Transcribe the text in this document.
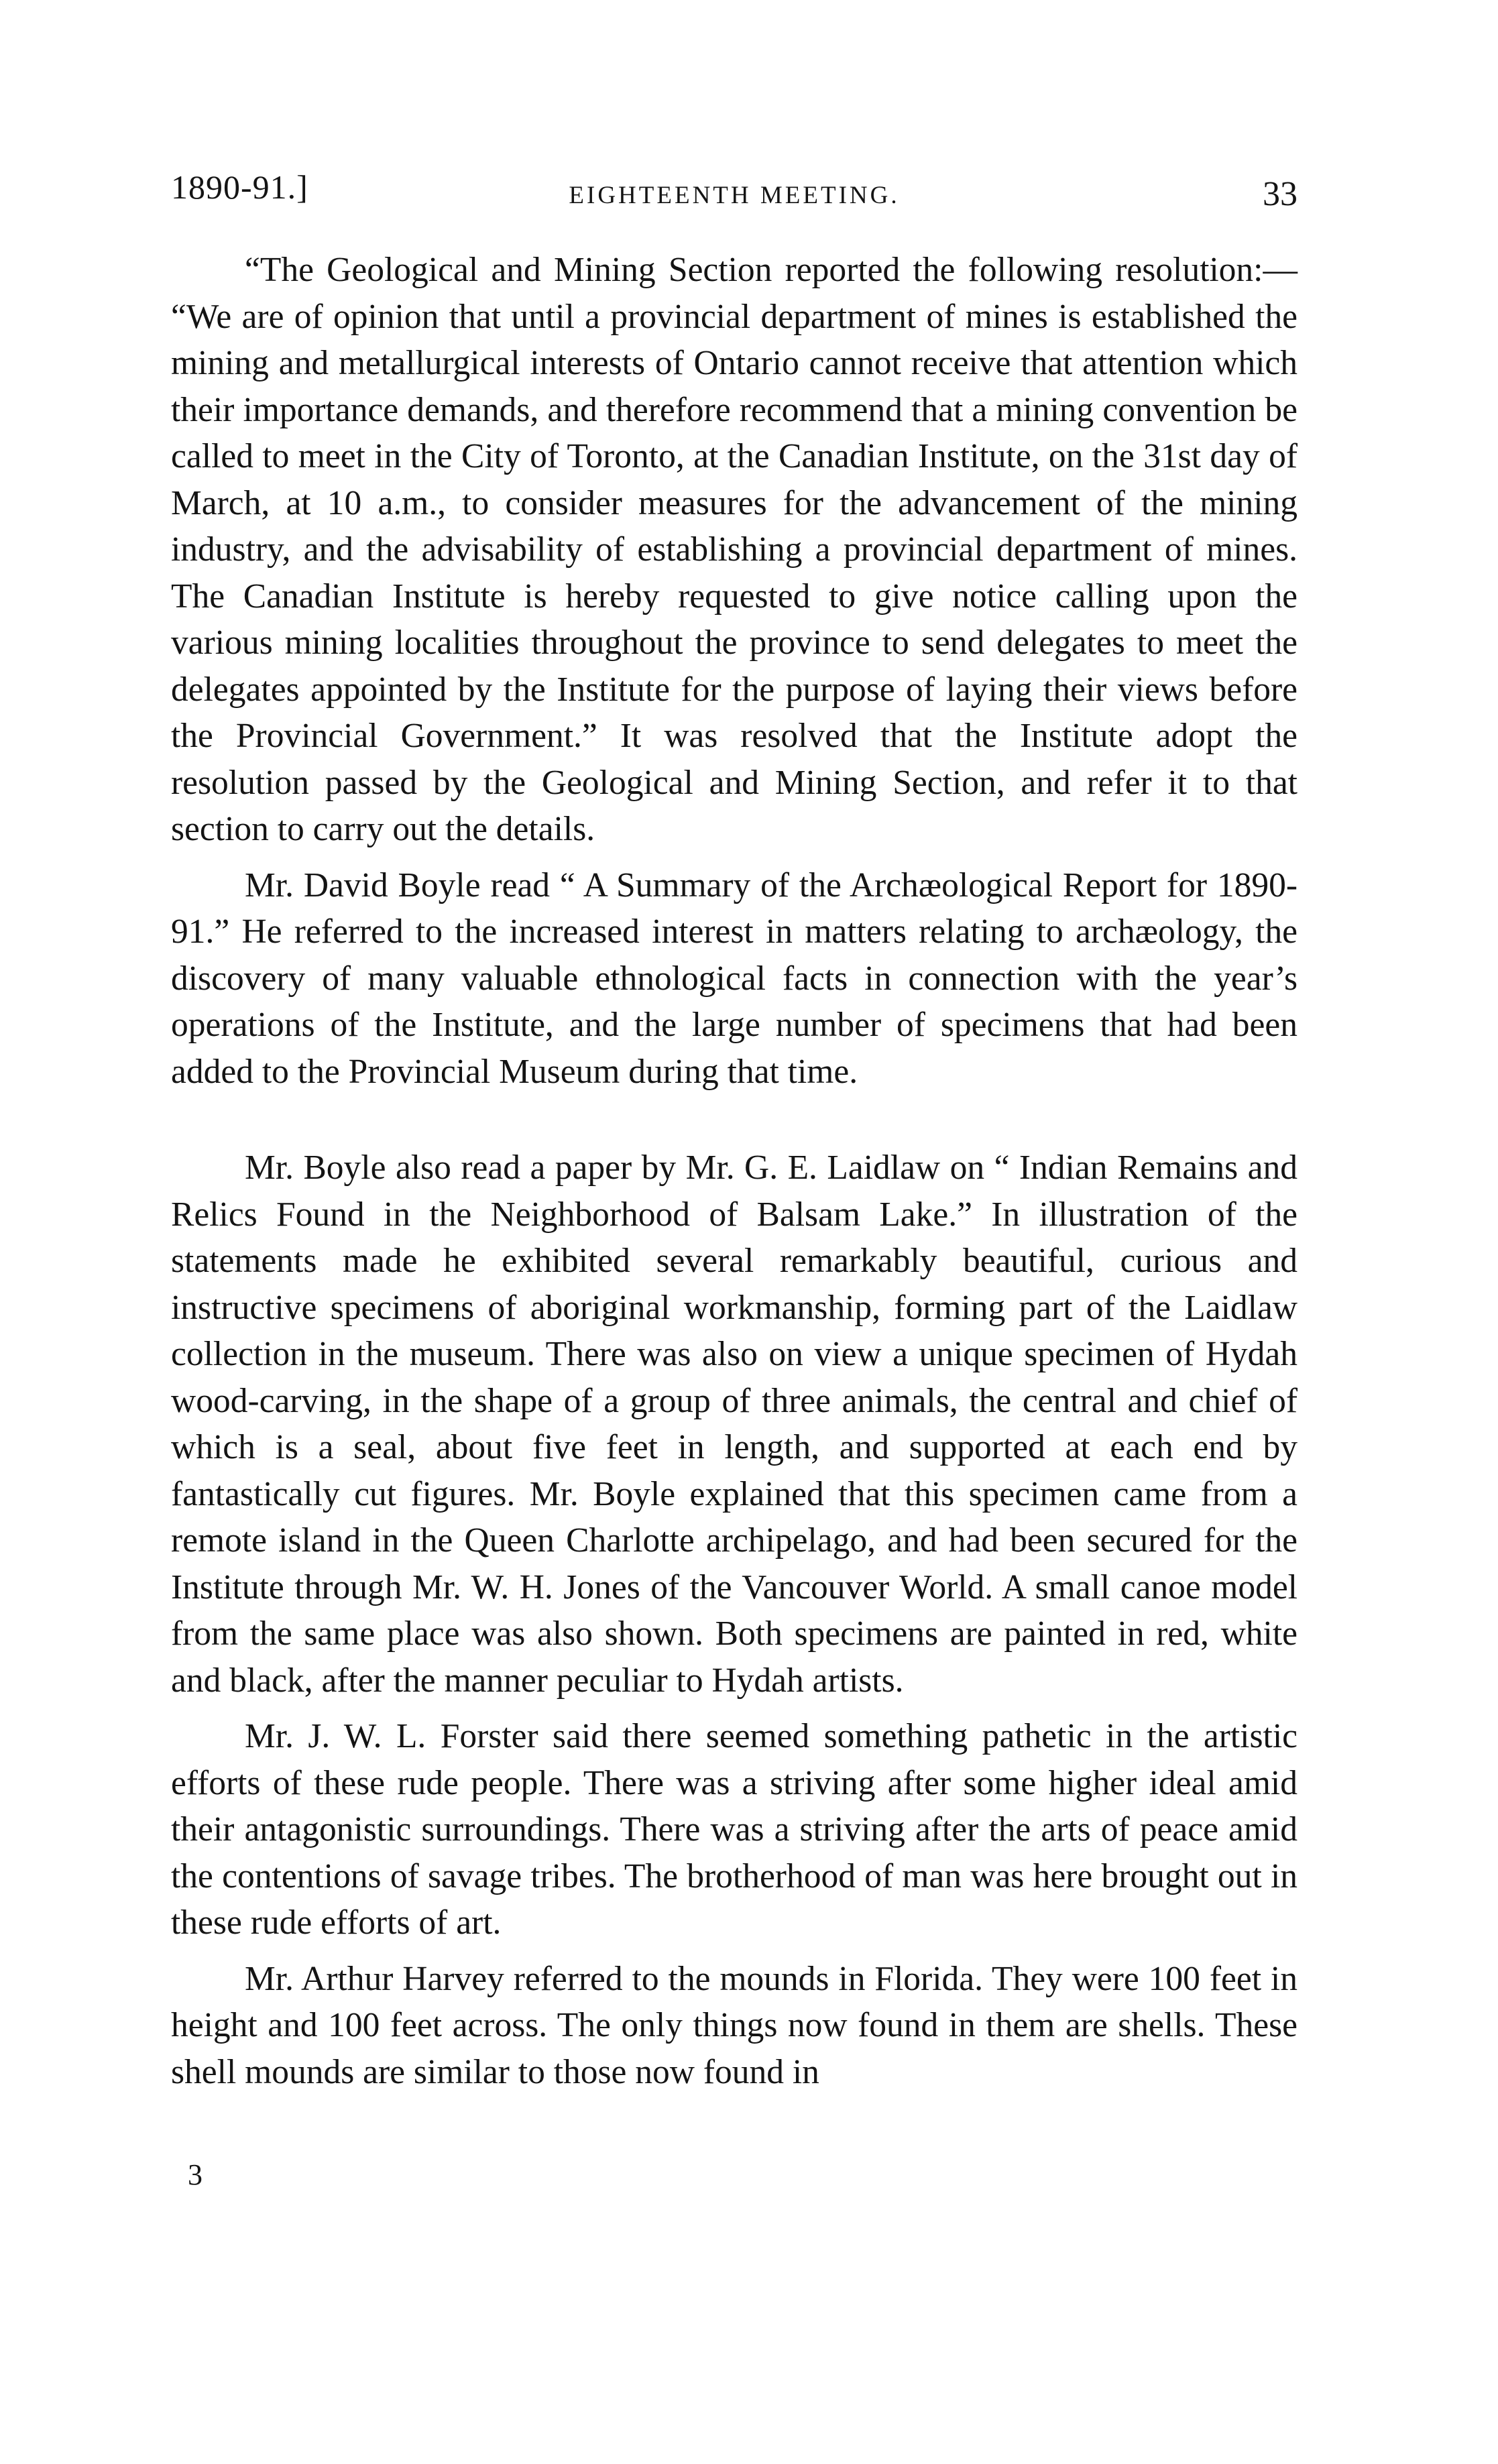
1890-91.]	EIGHTEENTH MEETING.	33

“The Geological and Mining Section reported the following resolution:— “We are of opinion that until a provincial department of mines is established the mining and metallurgical interests of Ontario cannot receive that attention which their importance demands, and therefore recommend that a mining convention be called to meet in the City of Toronto, at the Canadian Institute, on the 31st day of March, at 10 a.m., to consider measures for the advancement of the mining industry, and the advisability of establishing a provincial department of mines. The Canadian Institute is hereby requested to give notice calling upon the various mining localities throughout the province to send delegates to meet the delegates appointed by the Institute for the purpose of laying their views before the Provincial Government.” It was resolved that the Institute adopt the resolution passed by the Geological and Mining Section, and refer it to that section to carry out the details.

Mr. David Boyle read “ A Summary of the Archæological Report for 1890-91.” He referred to the increased interest in matters relating to archæology, the discovery of many valuable ethnological facts in connection with the year’s operations of the Institute, and the large number of specimens that had been added to the Provincial Museum during that time.

Mr. Boyle also read a paper by Mr. G. E. Laidlaw on “ Indian Remains and Relics Found in the Neighborhood of Balsam Lake.” In illustration of the statements made he exhibited several remarkably beautiful, curious and instructive specimens of aboriginal workmanship, forming part of the Laidlaw collection in the museum. There was also on view a unique specimen of Hydah wood-carving, in the shape of a group of three animals, the central and chief of which is a seal, about five feet in length, and supported at each end by fantastically cut figures. Mr. Boyle explained that this specimen came from a remote island in the Queen Charlotte archipelago, and had been secured for the Institute through Mr. W. H. Jones of the Vancouver World. A small canoe model from the same place was also shown. Both specimens are painted in red, white and black, after the manner peculiar to Hydah artists.

Mr. J. W. L. Forster said there seemed something pathetic in the artistic efforts of these rude people. There was a striving after some higher ideal amid their antagonistic surroundings. There was a striving after the arts of peace amid the contentions of savage tribes. The brotherhood of man was here brought out in these rude efforts of art.

Mr. Arthur Harvey referred to the mounds in Florida. They were 100 feet in height and 100 feet across. The only things now found in them are shells. These shell mounds are similar to those now found in

3
